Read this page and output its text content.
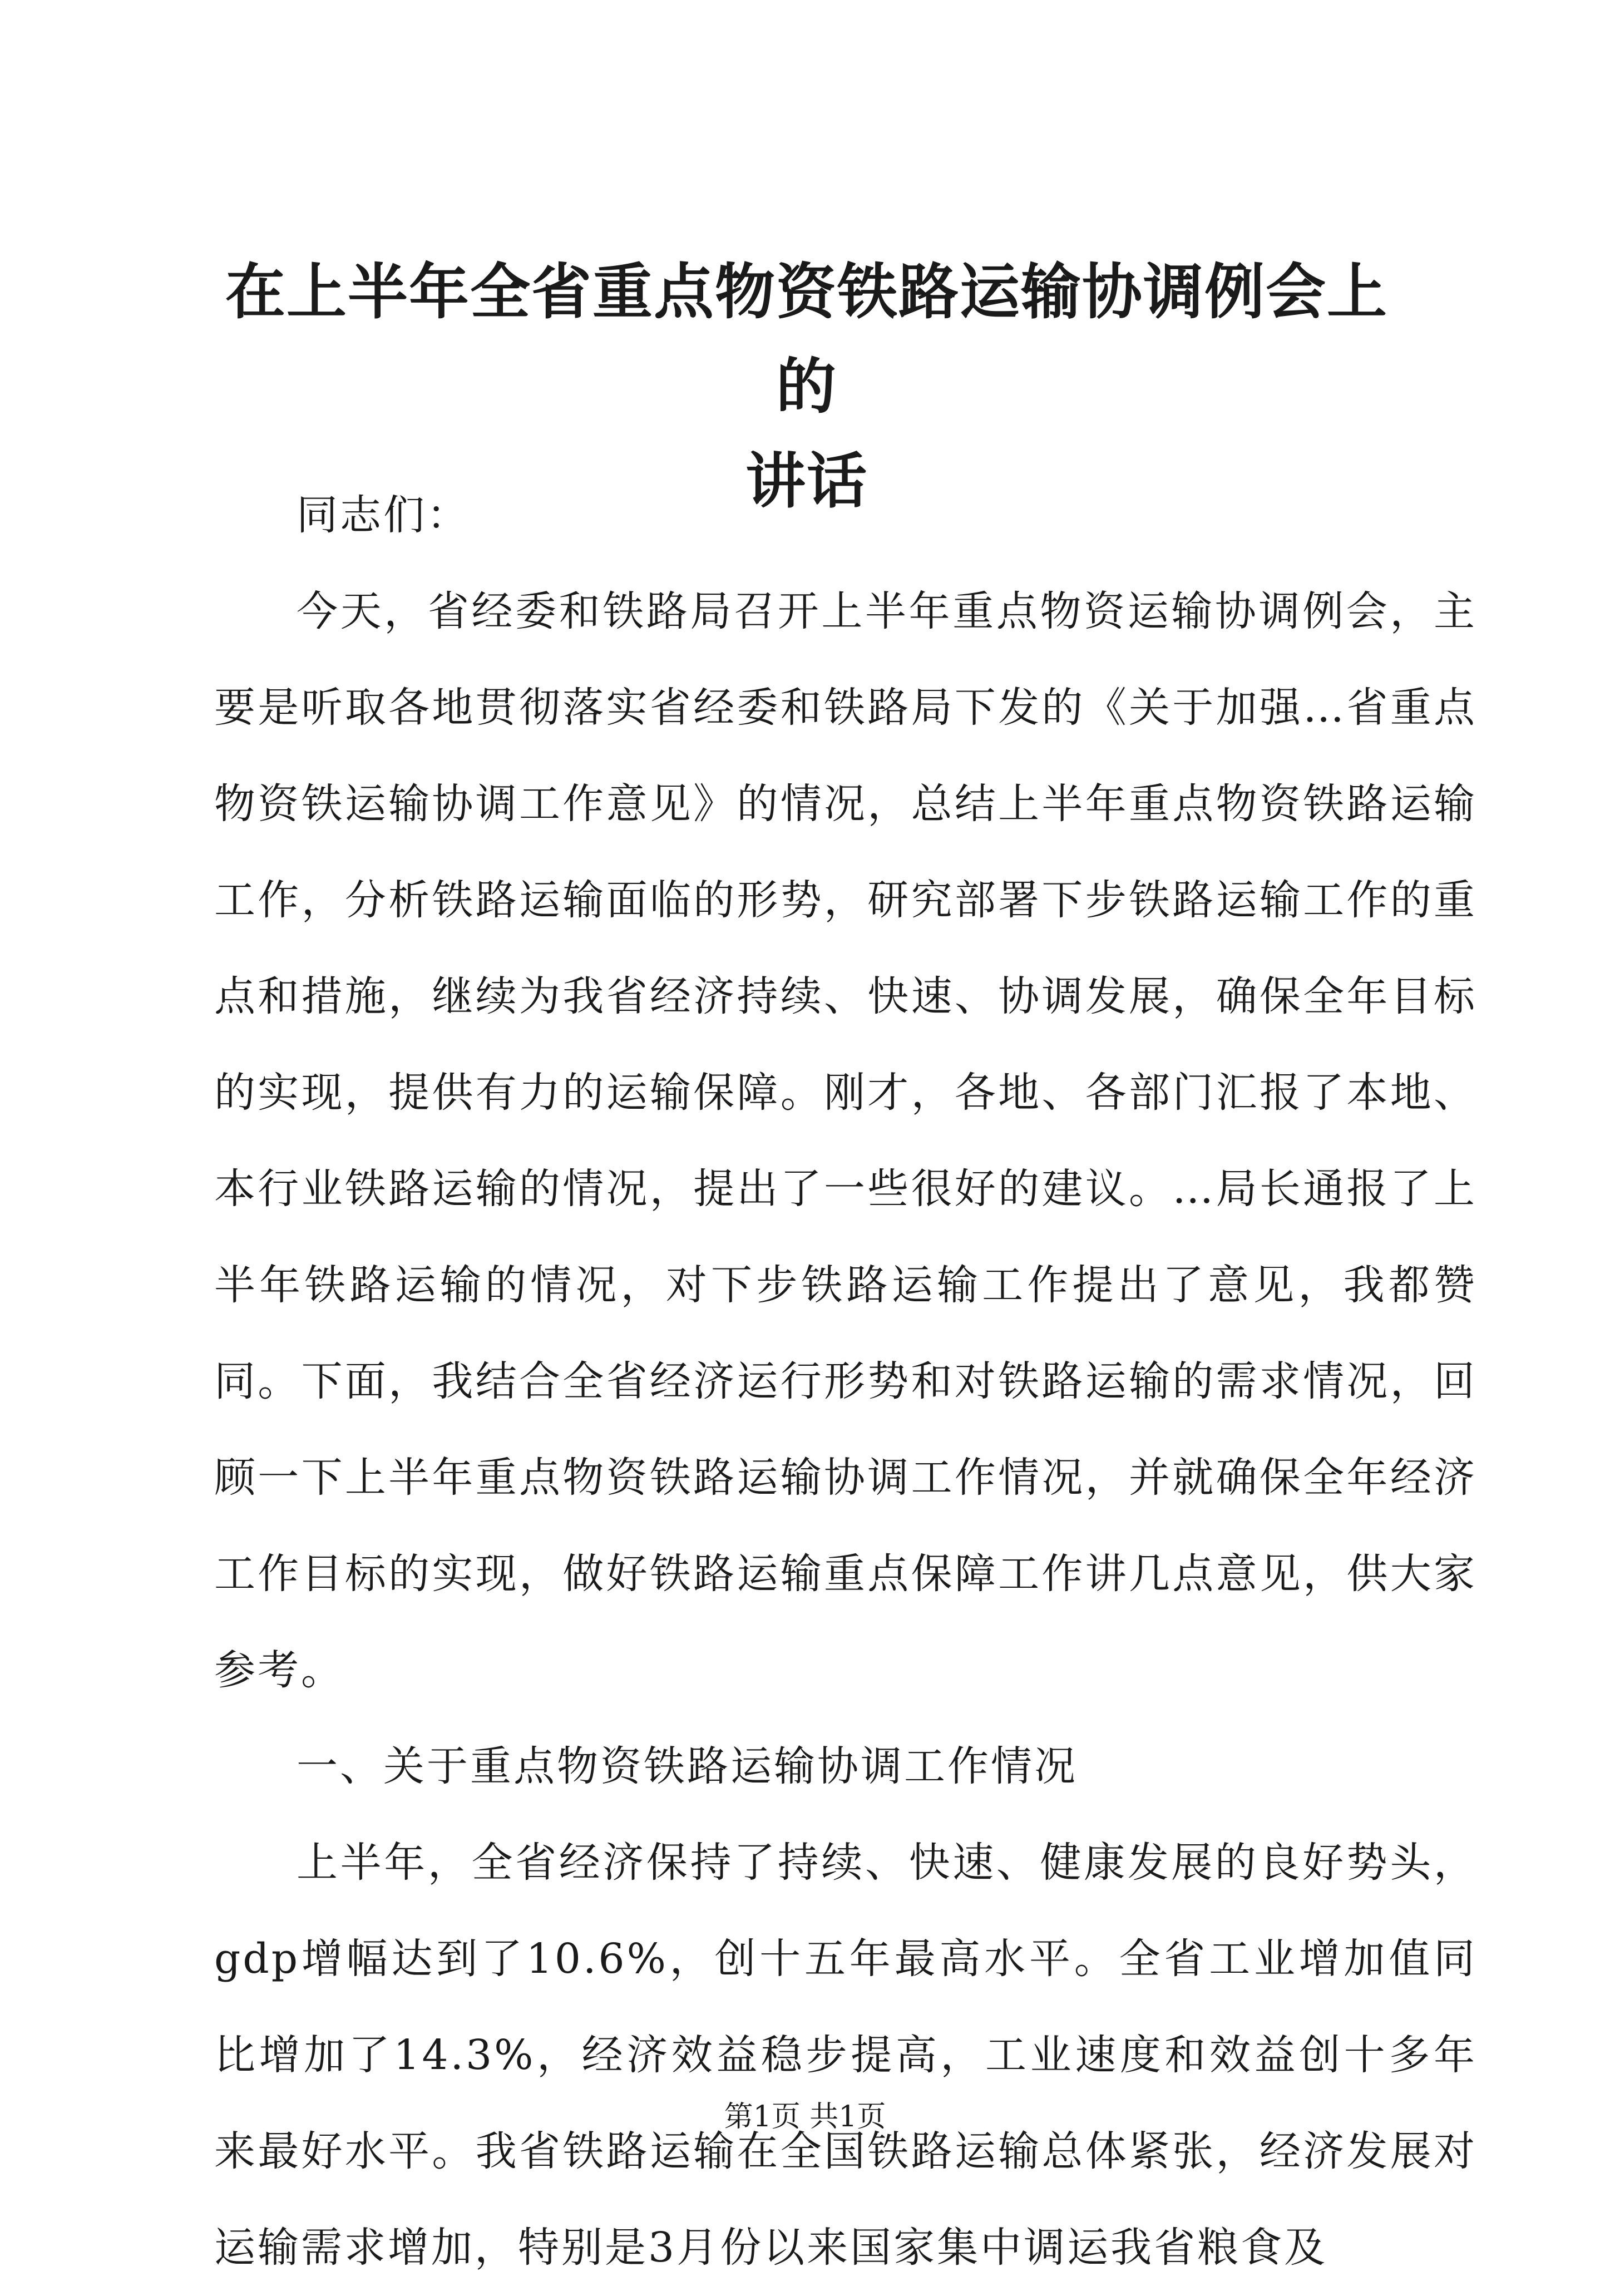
在上半年全省重点物资铁路运输协调例会上的
讲话

同志们：

今天，省经委和铁路局召开上半年重点物资运输协调例会，主要是听取各地贯彻落实省经委和铁路局下发的《关于加强…省重点物资铁运输协调工作意见》的情况，总结上半年重点物资铁路运输工作，分析铁路运输面临的形势，研究部署下步铁路运输工作的重点和措施，继续为我省经济持续、快速、协调发展，确保全年目标的实现，提供有力的运输保障。刚才，各地、各部门汇报了本地、本行业铁路运输的情况，提出了一些很好的建议。…局长通报了上半年铁路运输的情况，对下步铁路运输工作提出了意见，我都赞同。下面，我结合全省经济运行形势和对铁路运输的需求情况，回顾一下上半年重点物资铁路运输协调工作情况，并就确保全年经济工作目标的实现，做好铁路运输重点保障工作讲几点意见，供大家参考。

一、关于重点物资铁路运输协调工作情况

上半年，全省经济保持了持续、快速、健康发展的良好势头，gdp增幅达到了10.6%，创十五年最高水平。全省工业增加值同比增加了14.3%，经济效益稳步提高，工业速度和效益创十多年来最好水平。我省铁路运输在全国铁路运输总体紧张，经济发展对运输需求增加，特别是3月份以来国家集中调运我省粮食及

第1页 共1页
